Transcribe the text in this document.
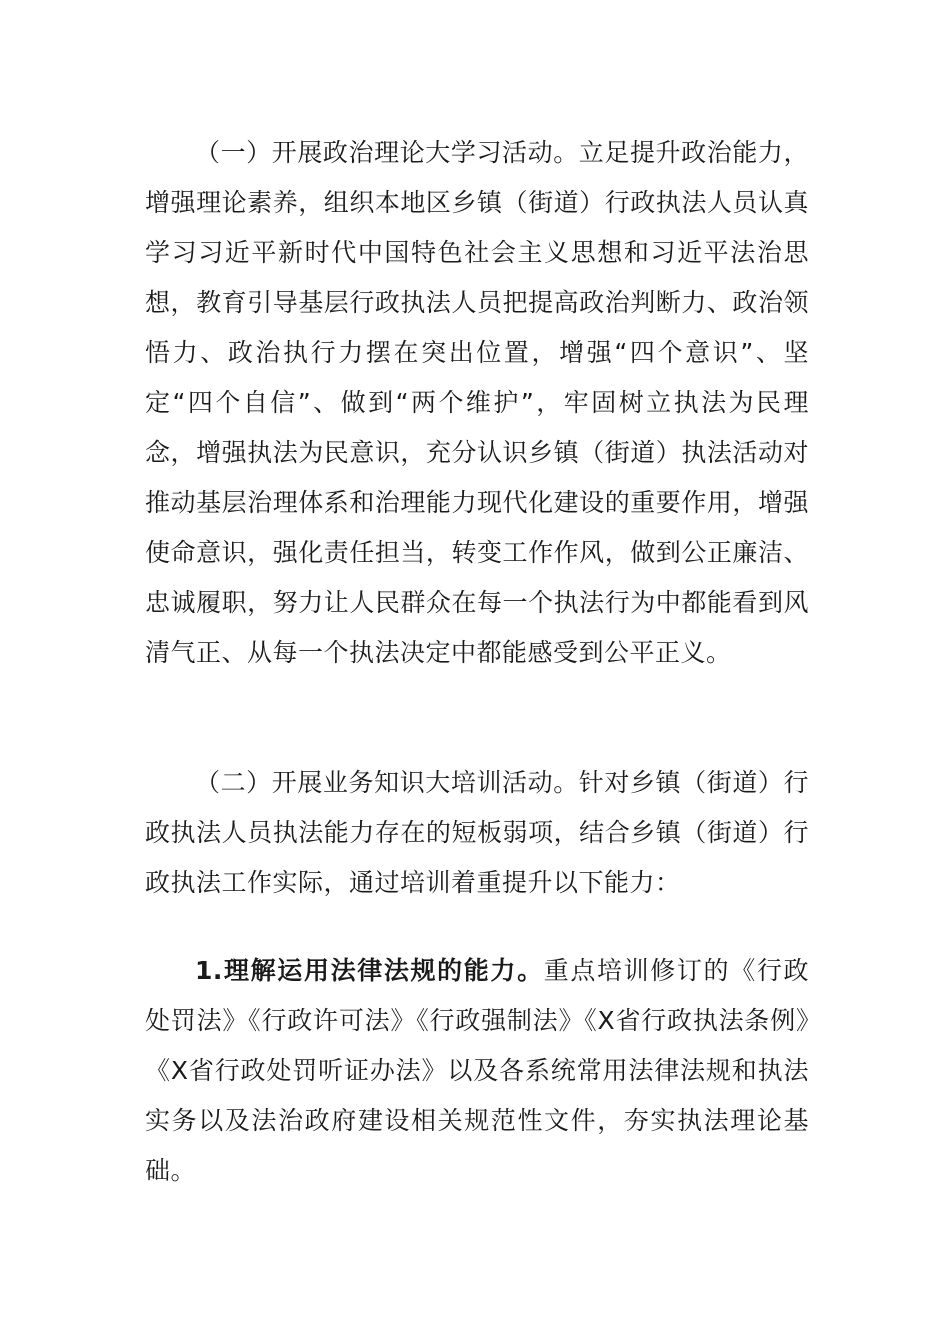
（一）开展政治理论大学习活动。立足提升政治能力，增强理论素养，组织本地区乡镇（街道）行政执法人员认真学习习近平新时代中国特色社会主义思想和习近平法治思想，教育引导基层行政执法人员把提高政治判断力、政治领悟力、政治执行力摆在突出位置，增强“四个意识”、坚定“四个自信”、做到“两个维护”，牢固树立执法为民理念，增强执法为民意识，充分认识乡镇（街道）执法活动对推动基层治理体系和治理能力现代化建设的重要作用，增强使命意识，强化责任担当，转变工作作风，做到公正廉洁、忠诚履职，努力让人民群众在每一个执法行为中都能看到风清气正、从每一个执法决定中都能感受到公平正义。

（二）开展业务知识大培训活动。针对乡镇（街道）行政执法人员执法能力存在的短板弱项，结合乡镇（街道）行政执法工作实际，通过培训着重提升以下能力：

1.理解运用法律法规的能力。重点培训修订的《行政处罚法》《行政许可法》《行政强制法》《X省行政执法条例》《X省行政处罚听证办法》以及各系统常用法律法规和执法实务以及法治政府建设相关规范性文件，夯实执法理论基础。
